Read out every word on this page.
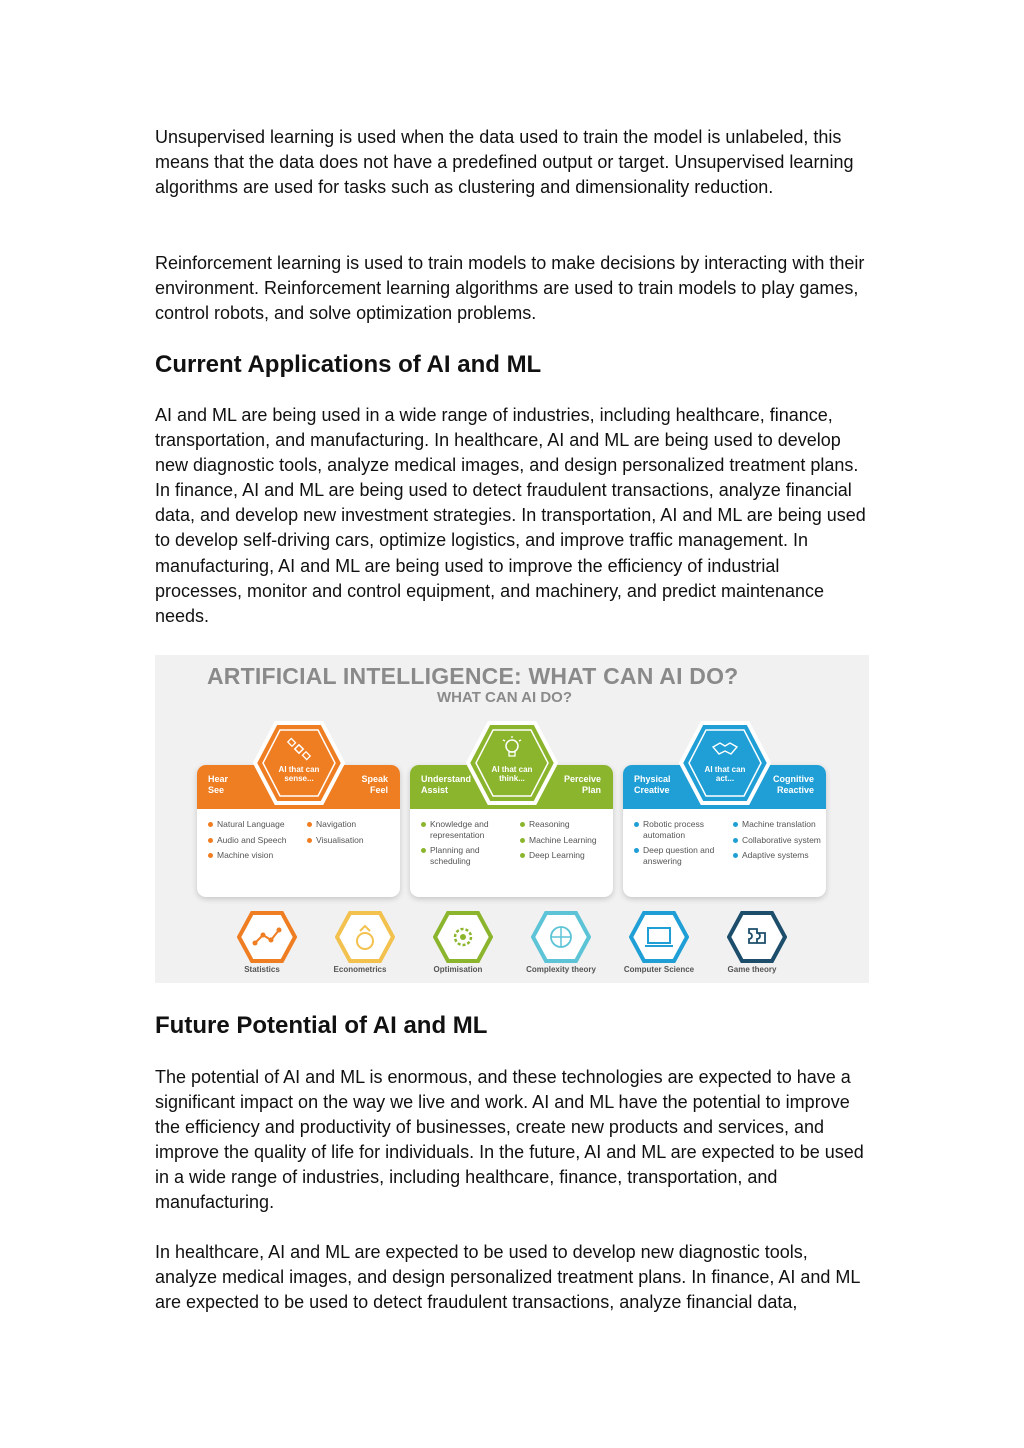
Unsupervised learning is used when the data used to train the model is unlabeled, this means that the data does not have a predefined output or target. Unsupervised learning algorithms are used for tasks such as clustering and dimensionality reduction.

Reinforcement learning is used to train models to make decisions by interacting with their environment. Reinforcement learning algorithms are used to train models to play games, control robots, and solve optimization problems.

Current Applications of AI and ML

AI and ML are being used in a wide range of industries, including healthcare, finance, transportation, and manufacturing. In healthcare, AI and ML are being used to develop new diagnostic tools, analyze medical images, and design personalized treatment plans. In finance, AI and ML are being used to detect fraudulent transactions, analyze financial data, and develop new investment strategies. In transportation, AI and ML are being used to develop self-driving cars, optimize logistics, and improve traffic management. In manufacturing, AI and ML are being used to improve the efficiency of industrial processes, monitor and control equipment, and machinery, and predict maintenance needs.

ARTIFICIAL INTELLIGENCE: WHAT CAN AI DO?
WHAT CAN AI DO?
Hear
See
Speak
Feel
AI that can
sense...
Natural Language
Audio and Speech
Machine vision
Navigation
Visualisation
Understand
Assist
Perceive
Plan
AI that can
think...
Knowledge and representation
Planning and scheduling
Reasoning
Machine Learning
Deep Learning
Physical
Creative
Cognitive
Reactive
AI that can
act...
Robotic process automation
Deep question and answering
Machine translation
Collaborative system
Adaptive systems
Statistics	Econometrics	Optimisation	Complexity theory	Computer Science	Game theory
Future Potential of AI and ML

The potential of AI and ML is enormous, and these technologies are expected to have a significant impact on the way we live and work. AI and ML have the potential to improve the efficiency and productivity of businesses, create new products and services, and improve the quality of life for individuals. In the future, AI and ML are expected to be used in a wide range of industries, including healthcare, finance, transportation, and manufacturing.

In healthcare, AI and ML are expected to be used to develop new diagnostic tools, analyze medical images, and design personalized treatment plans. In finance, AI and ML are expected to be used to detect fraudulent transactions, analyze financial data,
